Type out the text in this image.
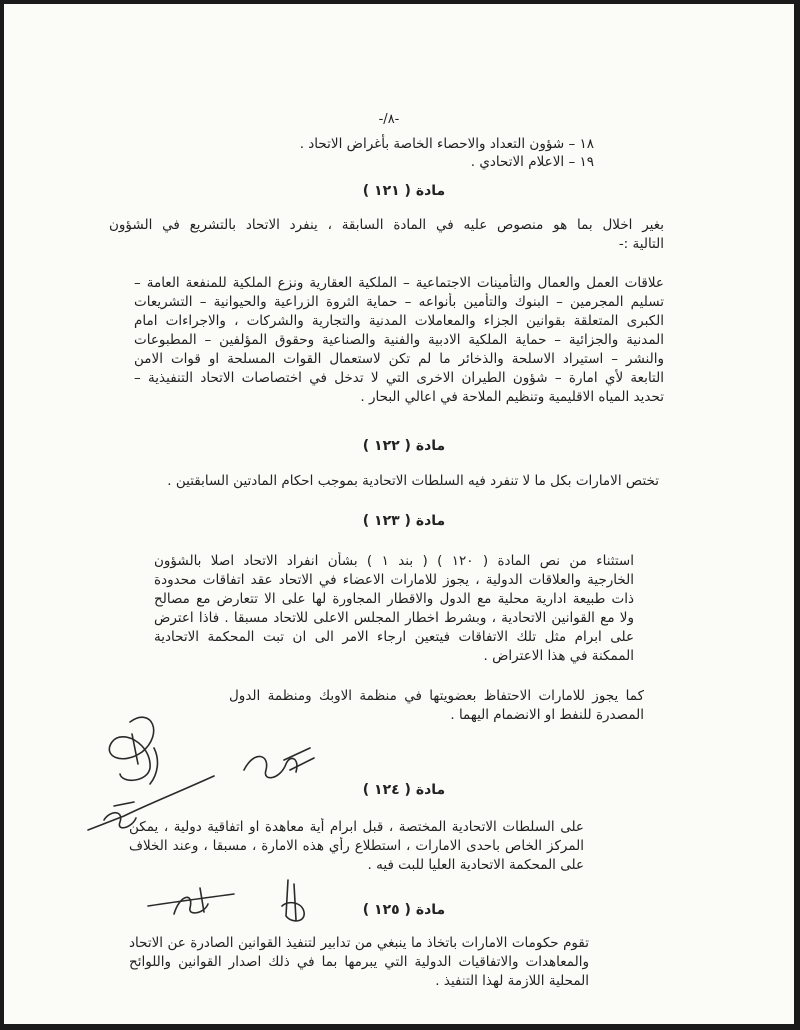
-/٨-
١٨ – شؤون التعداد والاحصاء الخاصة بأغراض الاتحاد .
١٩ – الاعلام الاتحادي .
مادة ( ١٢١ )
بغير اخلال بما هو منصوص عليه في المادة السابقة ، ينفرد الاتحاد بالتشريع في الشؤون
التالية :-
علاقات العمل والعمال والتأمينات الاجتماعية – الملكية العقارية ونزع الملكية للمنفعة العامة –
تسليم المجرمين – البنوك والتأمين بأنواعه – حماية الثروة الزراعية والحيوانية – التشريعات
الكبرى المتعلقة بقوانين الجزاء والمعاملات المدنية والتجارية والشركات ، والاجراءات امام
المدنية والجزائية – حماية الملكية الادبية والفنية والصناعية وحقوق المؤلفين – المطبوعات
والنشر – استيراد الاسلحة والذخائر ما لم تكن لاستعمال القوات المسلحة او قوات الامن
التابعة لأي امارة – شؤون الطيران الاخرى التي لا تدخل في اختصاصات الاتحاد التنفيذية –
تحديد المياه الاقليمية وتنظيم الملاحة في اعالي البحار .
مادة ( ١٢٢ )
تختص الامارات بكل ما لا تنفرد فيه السلطات الاتحادية بموجب احكام المادتين السابقتين .
مادة ( ١٢٣ )
استثناء من نص المادة ( ١٢٠ ) ( بند ١ ) بشأن انفراد الاتحاد اصلا بالشؤون
الخارجية والعلاقات الدولية ، يجوز للامارات الاعضاء في الاتحاد عقد اتفاقات محدودة
ذات طبيعة ادارية محلية مع الدول والاقطار المجاورة لها على الا تتعارض مع مصالح
ولا مع القوانين الاتحادية ، وبشرط اخطار المجلس الاعلى للاتحاد مسبقا . فاذا اعترض
على ابرام مثل تلك الاتفاقات فيتعين ارجاء الامر الى ان تبت المحكمة الاتحادية
الممكنة في هذا الاعتراض .
كما يجوز للامارات الاحتفاظ بعضويتها في منظمة الاوبك ومنظمة الدول
المصدرة للنفط او الانضمام اليهما .
مادة ( ١٢٤ )
على السلطات الاتحادية المختصة ، قبل ابرام أية معاهدة او اتفاقية دولية ، يمكن
المركز الخاص باحدى الامارات ، استطلاع رأي هذه الامارة ، مسبقا ، وعند الخلاف
على المحكمة الاتحادية العليا للبت فيه .
مادة ( ١٢٥ )
تقوم حكومات الامارات باتخاذ ما ينبغي من تدابير لتنفيذ القوانين الصادرة عن الاتحاد
والمعاهدات والاتفاقيات الدولية التي يبرمها بما في ذلك اصدار القوانين واللوائح
المحلية اللازمة لهذا التنفيذ .
